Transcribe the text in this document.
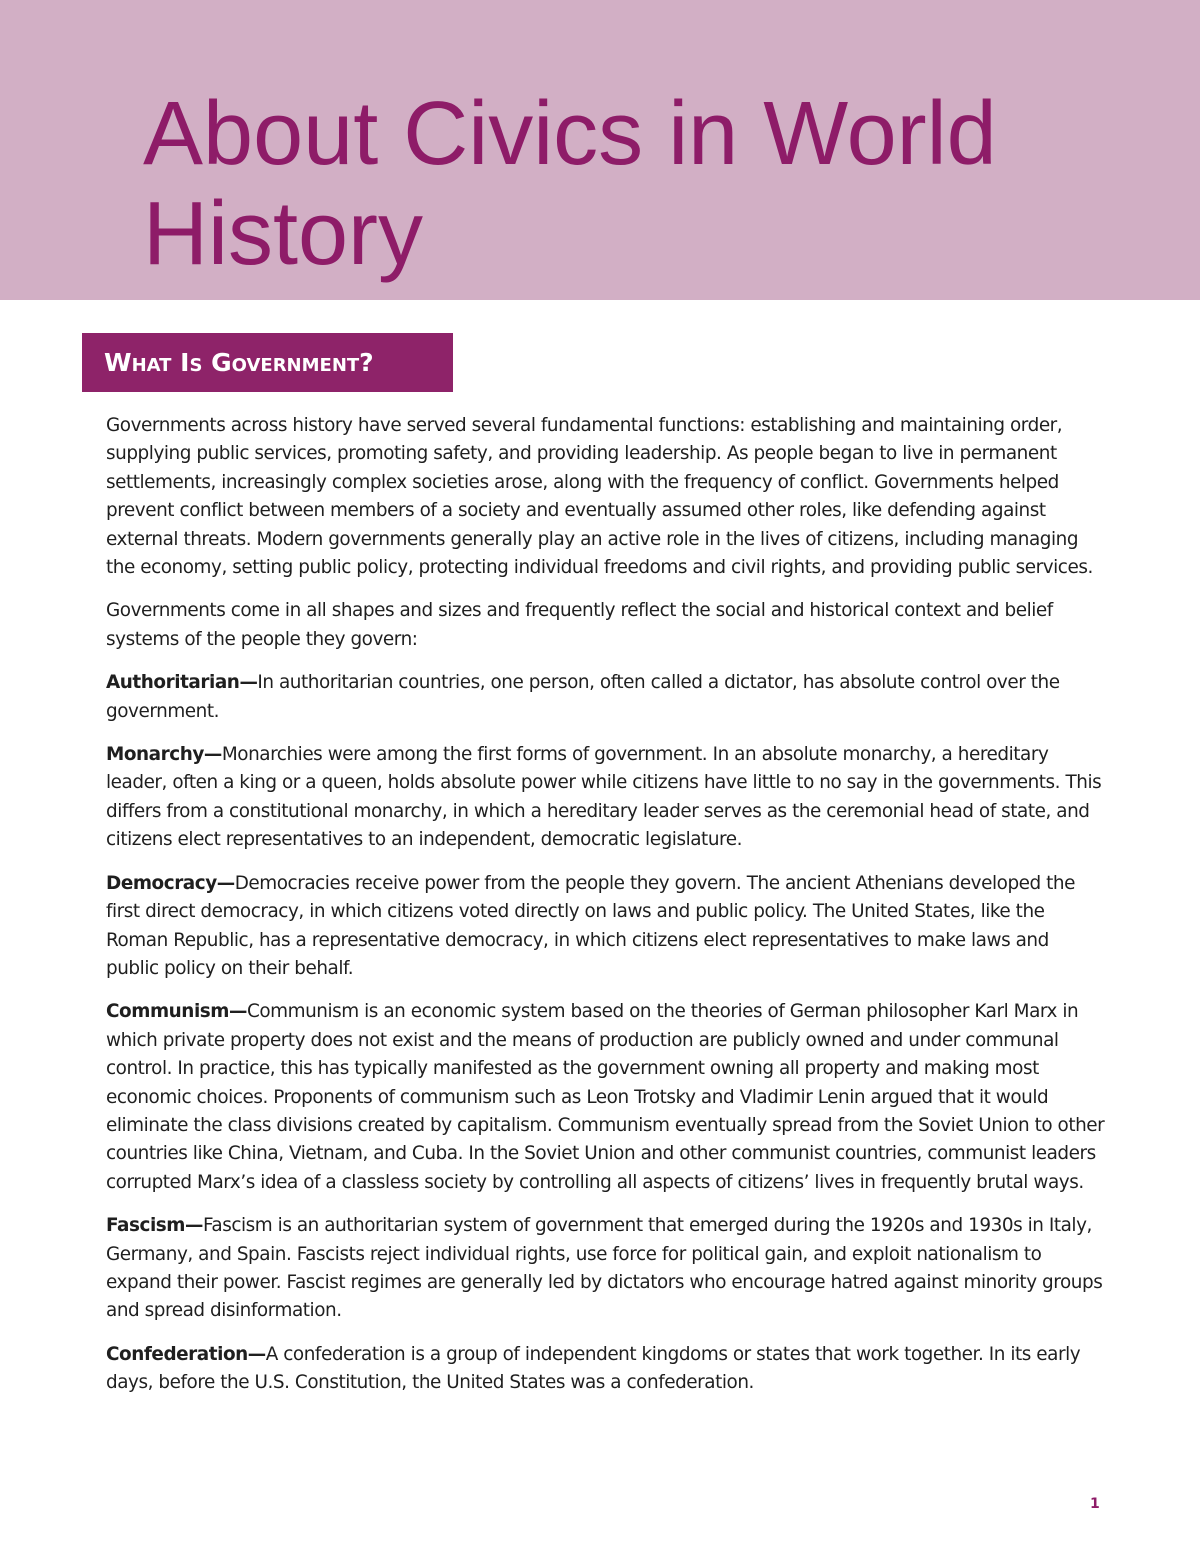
About Civics in World
History
What Is Government?

Governments across history have served several fundamental functions: establishing and maintaining order, supplying public services, promoting safety, and providing leadership. As people began to live in permanent settlements, increasingly complex societies arose, along with the frequency of conflict. Governments helped prevent conflict between members of a society and eventually assumed other roles, like defending against external threats. Modern governments generally play an active role in the lives of citizens, including managing the economy, setting public policy, protecting individual freedoms and civil rights, and providing public services.

Governments come in all shapes and sizes and frequently reflect the social and historical context and belief systems of the people they govern:

Authoritarian—In authoritarian countries, one person, often called a dictator, has absolute control over the government.

Monarchy—Monarchies were among the first forms of government. In an absolute monarchy, a hereditary leader, often a king or a queen, holds absolute power while citizens have little to no say in the governments. This differs from a constitutional monarchy, in which a hereditary leader serves as the ceremonial head of state, and citizens elect representatives to an independent, democratic legislature.

Democracy—Democracies receive power from the people they govern. The ancient Athenians developed the first direct democracy, in which citizens voted directly on laws and public policy. The United States, like the Roman Republic, has a representative democracy, in which citizens elect representatives to make laws and public policy on their behalf.

Communism—Communism is an economic system based on the theories of German philosopher Karl Marx in which private property does not exist and the means of production are publicly owned and under communal control. In practice, this has typically manifested as the government owning all property and making most economic choices. Proponents of communism such as Leon Trotsky and Vladimir Lenin argued that it would eliminate the class divisions created by capitalism. Communism eventually spread from the Soviet Union to other countries like China, Vietnam, and Cuba. In the Soviet Union and other communist countries, communist leaders corrupted Marx’s idea of a classless society by controlling all aspects of citizens’ lives in frequently brutal ways.

Fascism—Fascism is an authoritarian system of government that emerged during the 1920s and 1930s in Italy, Germany, and Spain. Fascists reject individual rights, use force for political gain, and exploit nationalism to expand their power. Fascist regimes are generally led by dictators who encourage hatred against minority groups and spread disinformation.

Confederation—A confederation is a group of independent kingdoms or states that work together. In its early days, before the U.S. Constitution, the United States was a confederation.

1
